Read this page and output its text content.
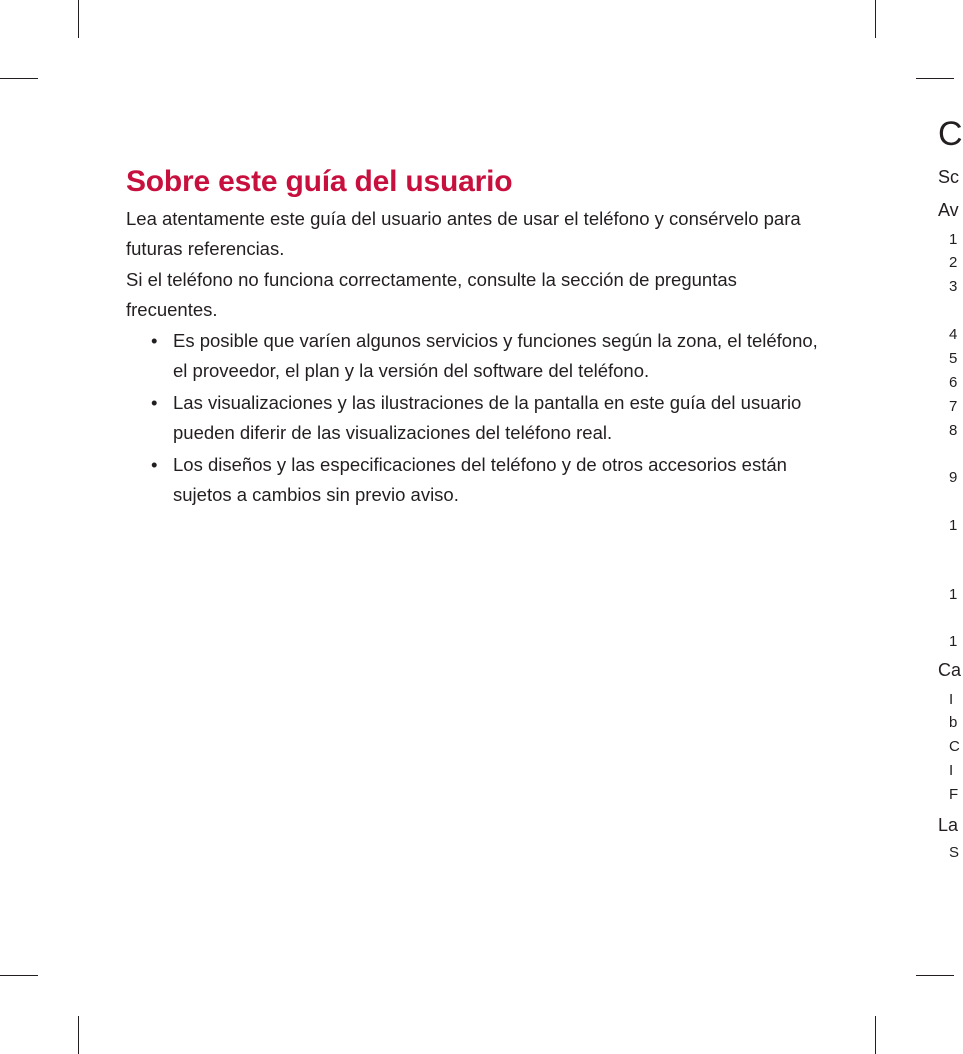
Sobre este guía del usuario

Lea atentamente este guía del usuario antes de usar el teléfono y consérvelo para futuras referencias.

Si el teléfono no funciona correctamente, consulte la sección de preguntas frecuentes.

• Es posible que varíen algunos servicios y funciones según la zona, el teléfono, el proveedor, el plan y la versión del software del teléfono.
• Las visualizaciones y las ilustraciones de la pantalla en este guía del usuario pueden diferir de las visualizaciones del teléfono real.
• Los diseños y las especificaciones del teléfono y de otros accesorios están sujetos a cambios sin previo aviso.
C
Sc
Av
1
2
3
4
5
6
7
8
9
1
1
1
Ca
I
b
C
I
F
La
S
